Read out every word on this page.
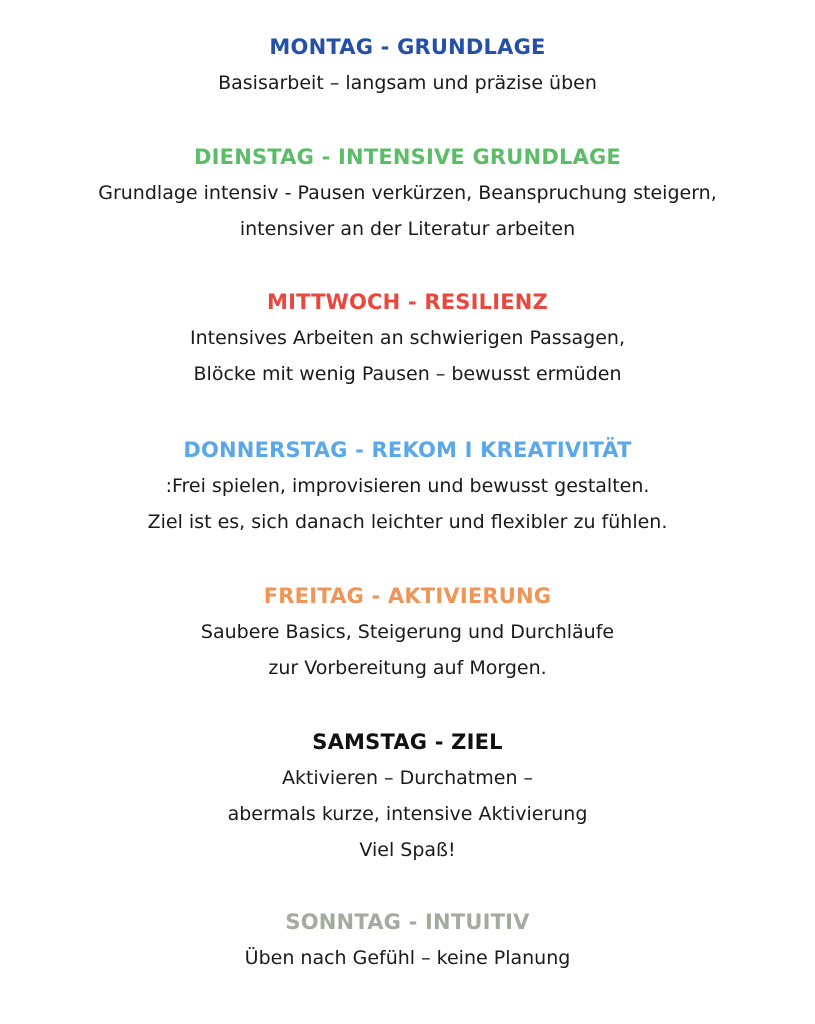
MONTAG - GRUNDLAGE
Basisarbeit – langsam und präzise üben
DIENSTAG - INTENSIVE GRUNDLAGE
Grundlage intensiv - Pausen verkürzen, Beanspruchung steigern,
intensiver an der Literatur arbeiten
MITTWOCH - RESILIENZ
Intensives Arbeiten an schwierigen Passagen,
Blöcke mit wenig Pausen – bewusst ermüden
DONNERSTAG - REKOM I KREATIVITÄT
:Frei spielen, improvisieren und bewusst gestalten.
Ziel ist es, sich danach leichter und flexibler zu fühlen.
FREITAG - AKTIVIERUNG
Saubere Basics, Steigerung und Durchläufe
zur Vorbereitung auf Morgen.
SAMSTAG - ZIEL
Aktivieren – Durchatmen –
abermals kurze, intensive Aktivierung
Viel Spaß!
SONNTAG - INTUITIV
Üben nach Gefühl – keine Planung
